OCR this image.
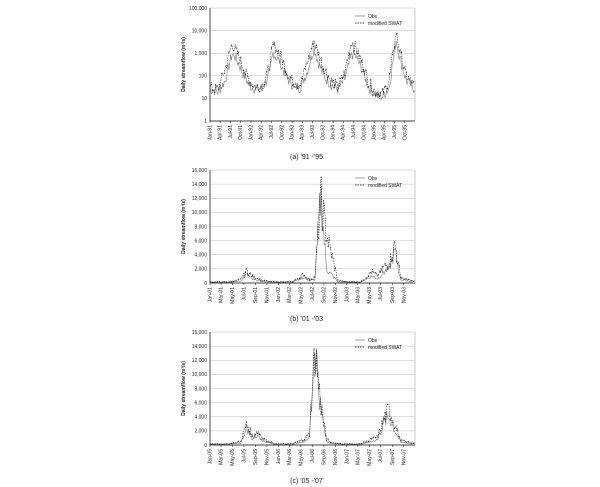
1
10
100
1,000
10,000
100,000
Jan-91 Apr-91 Jul-91 Oct-91 Jan-92 Apr-92 Jul-92 Oct-92 Jan-93 Apr-93 Jul-93 Oct-93 Jan-94 Apr-94 Jul-94 Oct-94 Jan-95 Apr-95 Jul-95 Oct-95
Daily streamflow (m³/s)
Obs
modified SWAT
(a) '91 -'95
0
2,000
4,000
6,000
8,000
10,000
12,000
14,000
16,000
Jan-01 Mar-01 May-01 Jul-01 Sep-01 Nov-01 Jan-02 Mar-02 May-02 Jul-02 Sep-02 Nov-02 Jan-03 Mar-03 May-03 Jul-03 Sep-03 Nov-03
Daily streamflow (m³/s)
Obs
modified SWAT
(b) '01 -'03
0
2,000
4,000
6,000
8,000
10,000
12,000
14,000
16,000
Jan-05 Mar-05 May-05 Jul-05 Sep-05 Nov-05 Jan-06 Mar-06 May-06 Jul-06 Sep-06 Nov-06 Jan-07 Mar-07 May-07 Jul-07 Sep-07 Nov-07
Daily streamflow (m³/s)
Obs
modified SWAT
(c) '05 -'07
